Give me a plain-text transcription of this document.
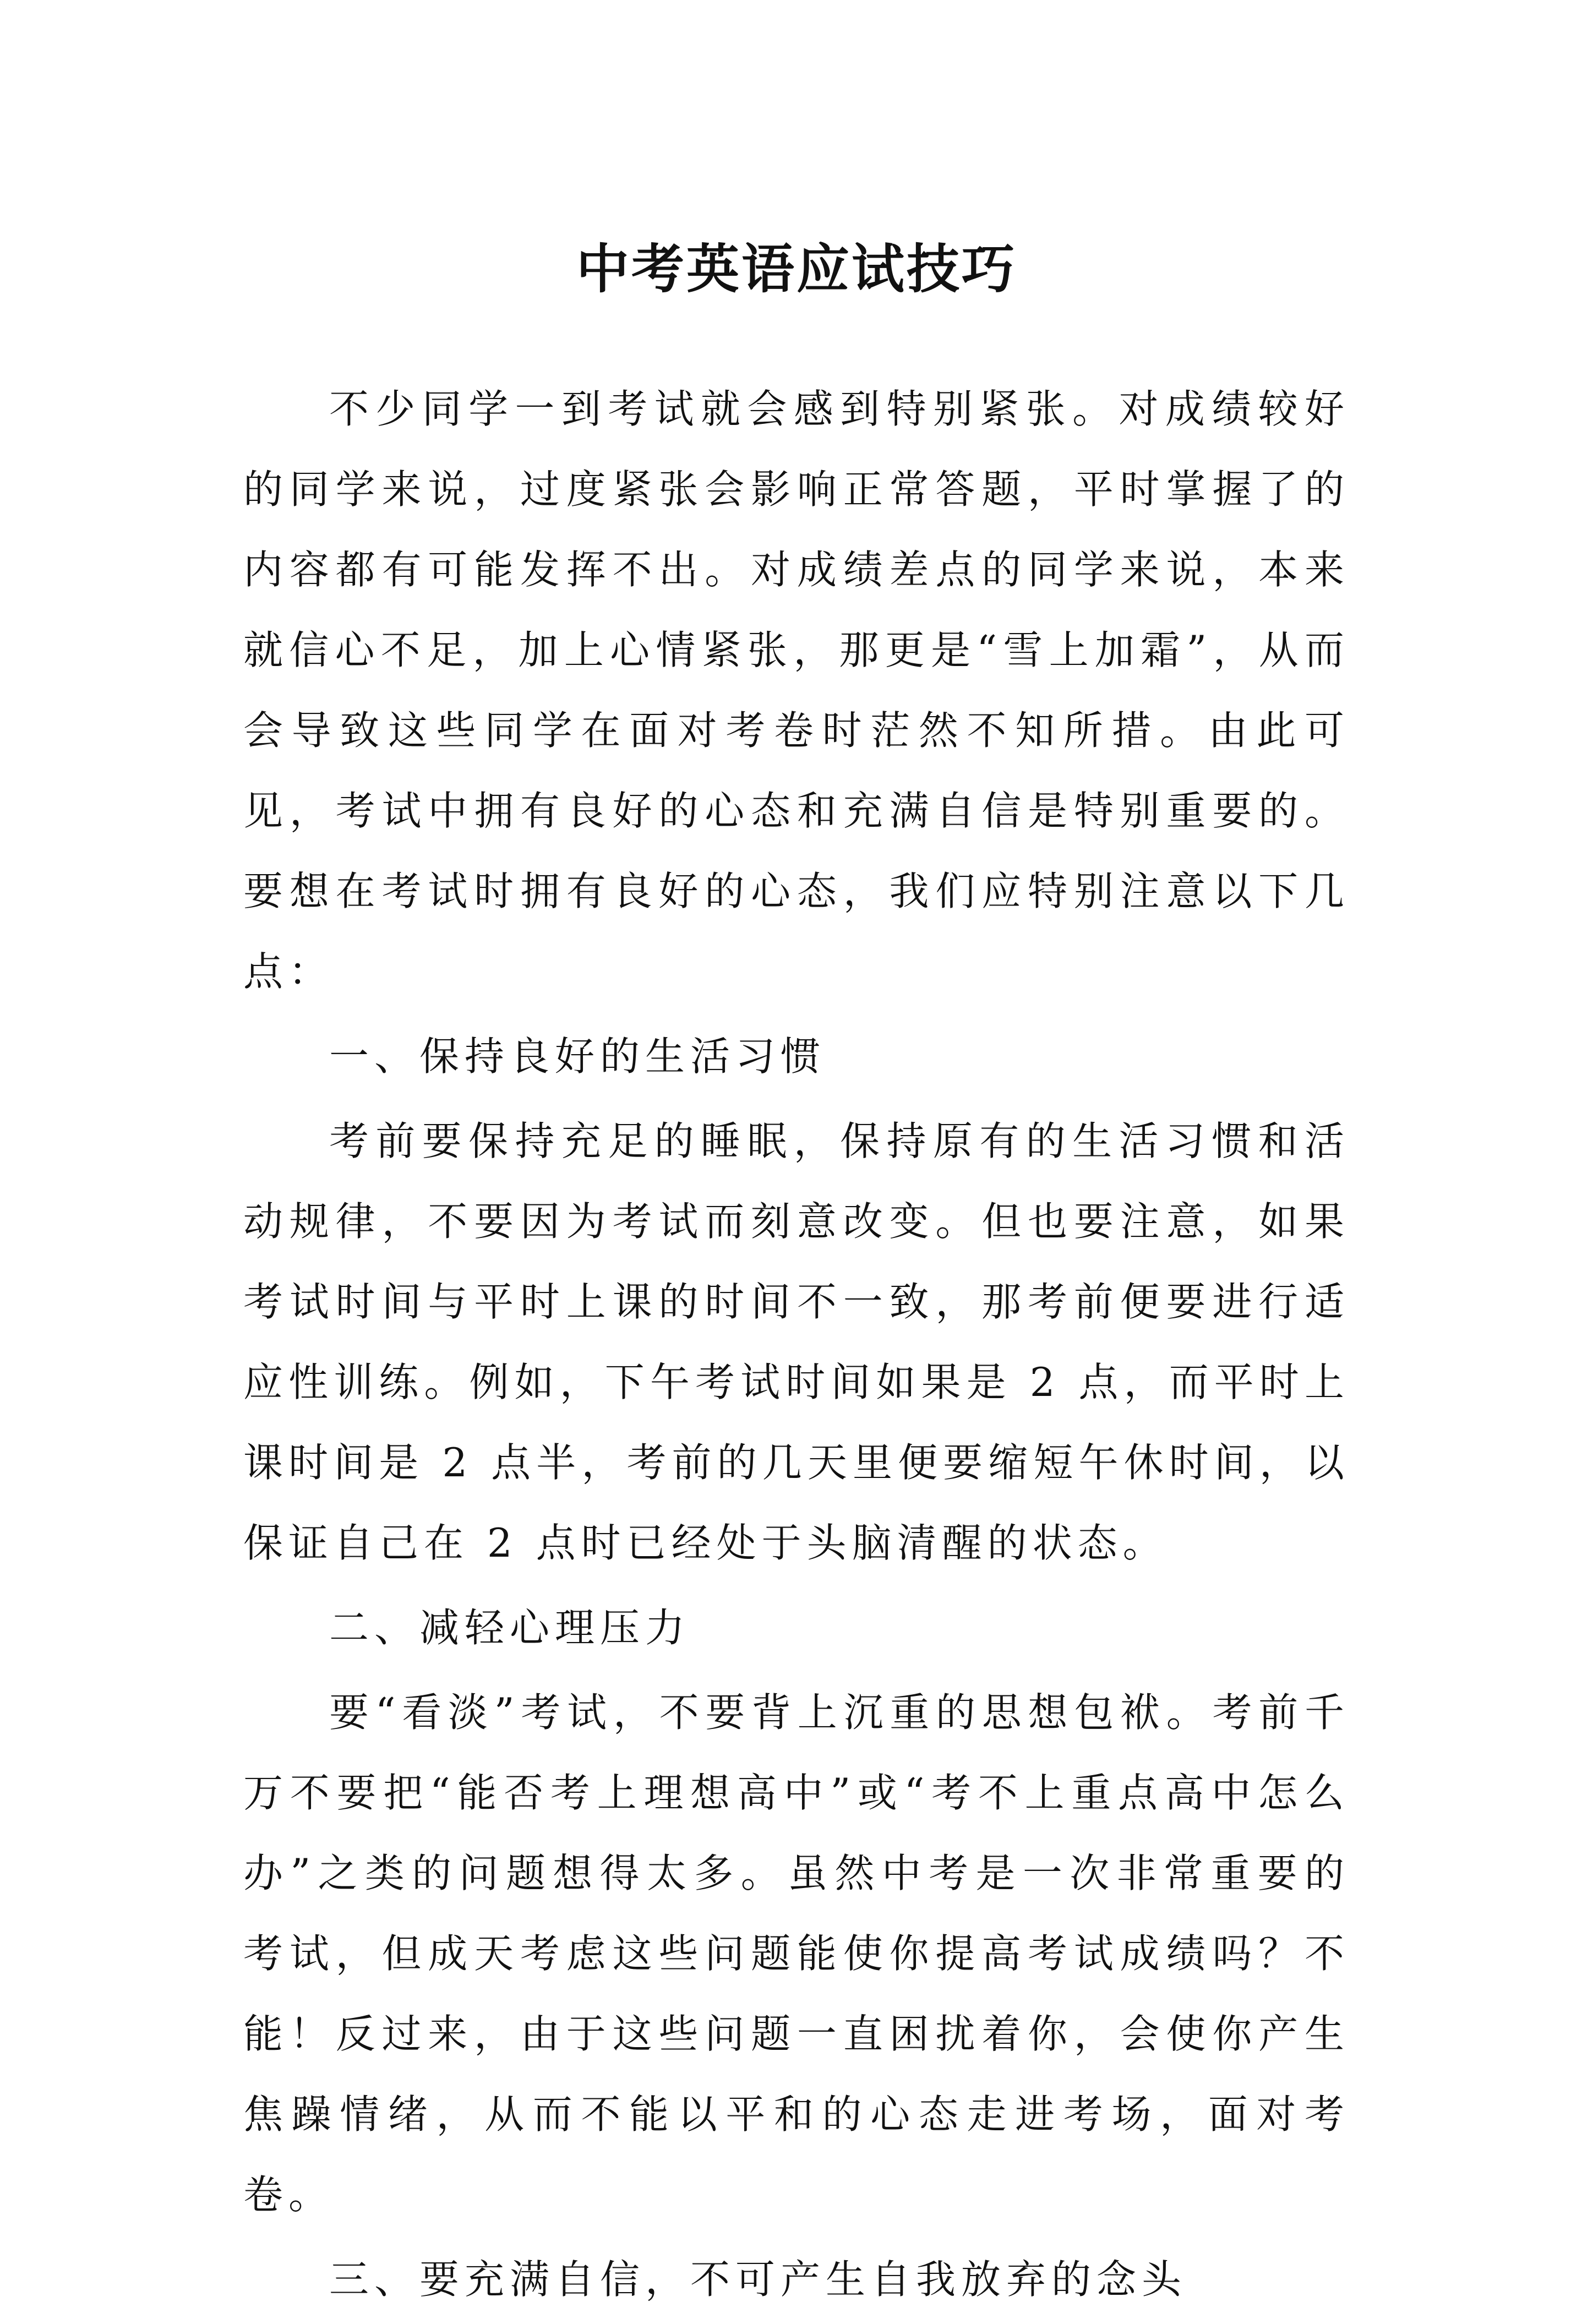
中考英语应试技巧

不少同学一到考试就会感到特别紧张。对成绩较好的同学来说，过度紧张会影响正常答题，平时掌握了的内容都有可能发挥不出。对成绩差点的同学来说，本来就信心不足，加上心情紧张，那更是“雪上加霜”，从而会导致这些同学在面对考卷时茫然不知所措。由此可见，考试中拥有良好的心态和充满自信是特别重要的。要想在考试时拥有良好的心态，我们应特别注意以下几点：

一、保持良好的生活习惯

考前要保持充足的睡眠，保持原有的生活习惯和活动规律，不要因为考试而刻意改变。但也要注意，如果考试时间与平时上课的时间不一致，那考前便要进行适应性训练。例如，下午考试时间如果是 2 点，而平时上课时间是 2 点半，考前的几天里便要缩短午休时间，以保证自己在 2 点时已经处于头脑清醒的状态。

二、减轻心理压力

要“看淡”考试，不要背上沉重的思想包袱。考前千万不要把“能否考上理想高中”或“考不上重点高中怎么办”之类的问题想得太多。虽然中考是一次非常重要的考试，但成天考虑这些问题能使你提高考试成绩吗？不能！反过来，由于这些问题一直困扰着你，会使你产生焦躁情绪，从而不能以平和的心态走进考场，面对考卷。

三、要充满自信，不可产生自我放弃的念头
